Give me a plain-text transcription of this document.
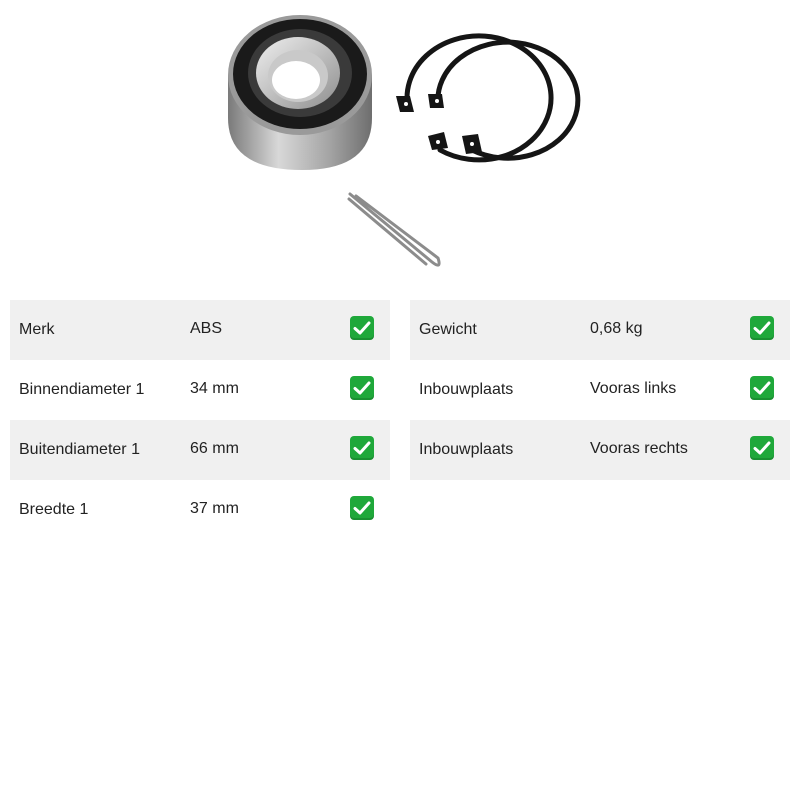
Merk	ABS
Binnendiameter 1	34 mm
Buitendiameter 1	66 mm
Breedte 1	37 mm
Gewicht	0,68 kg
Inbouwplaats	Vooras links
Inbouwplaats	Vooras rechts
